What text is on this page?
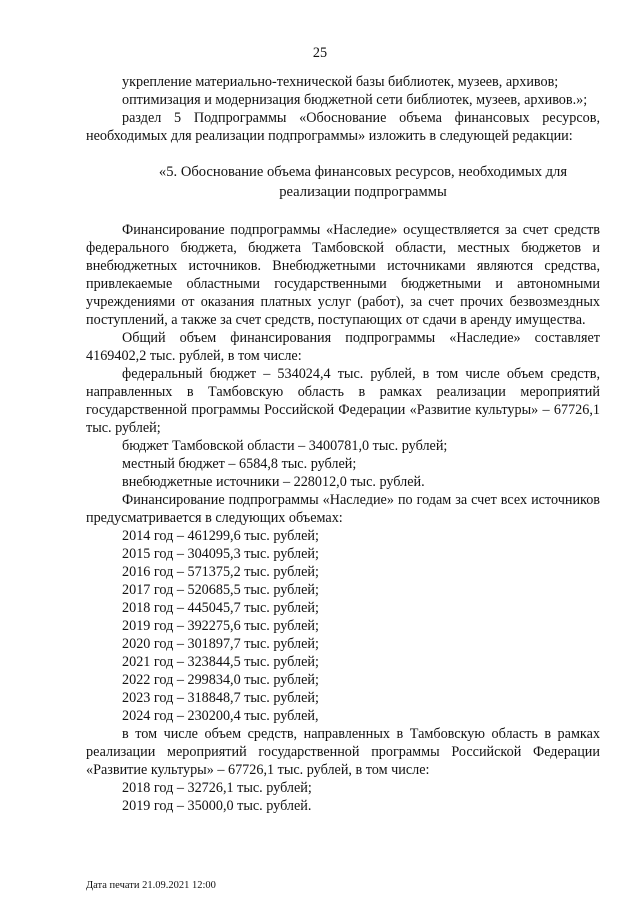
25

укрепление материально-технической базы библиотек, музеев, архивов;

оптимизация и модернизация бюджетной сети библиотек, музеев, архивов.»;

раздел 5 Подпрограммы «Обоснование объема финансовых ресурсов, необходимых для реализации подпрограммы» изложить в следующей редакции:

«5. Обоснование объема финансовых ресурсов, необходимых для реализации подпрограммы

Финансирование подпрограммы «Наследие» осуществляется за счет средств федерального бюджета, бюджета Тамбовской области, местных бюджетов и внебюджетных источников. Внебюджетными источниками являются средства, привлекаемые областными государственными бюджетными и автономными учреждениями от оказания платных услуг (работ), за счет прочих безвозмездных поступлений, а также за счет средств, поступающих от сдачи в аренду имущества.

Общий объем финансирования подпрограммы «Наследие» составляет 4169402,2 тыс. рублей, в том числе:

федеральный бюджет – 534024,4 тыс. рублей, в том числе объем средств, направленных в Тамбовскую область в рамках реализации мероприятий государственной программы Российской Федерации «Развитие культуры» – 67726,1 тыс. рублей;

бюджет Тамбовской области – 3400781,0 тыс. рублей;

местный бюджет – 6584,8 тыс. рублей;

внебюджетные источники – 228012,0 тыс. рублей.

Финансирование подпрограммы «Наследие» по годам за счет всех источников предусматривается в следующих объемах:

2014 год – 461299,6 тыс. рублей;

2015 год – 304095,3 тыс. рублей;

2016 год – 571375,2 тыс. рублей;

2017 год – 520685,5 тыс. рублей;

2018 год – 445045,7 тыс. рублей;

2019 год – 392275,6 тыс. рублей;

2020 год – 301897,7 тыс. рублей;

2021 год – 323844,5 тыс. рублей;

2022 год – 299834,0 тыс. рублей;

2023 год – 318848,7 тыс. рублей;

2024 год – 230200,4 тыс. рублей,

в том числе объем средств, направленных в Тамбовскую область в рамках реализации мероприятий государственной программы Российской Федерации «Развитие культуры» – 67726,1 тыс. рублей, в том числе:

2018 год – 32726,1 тыс. рублей;

2019 год – 35000,0 тыс. рублей.

Дата печати 21.09.2021 12:00
